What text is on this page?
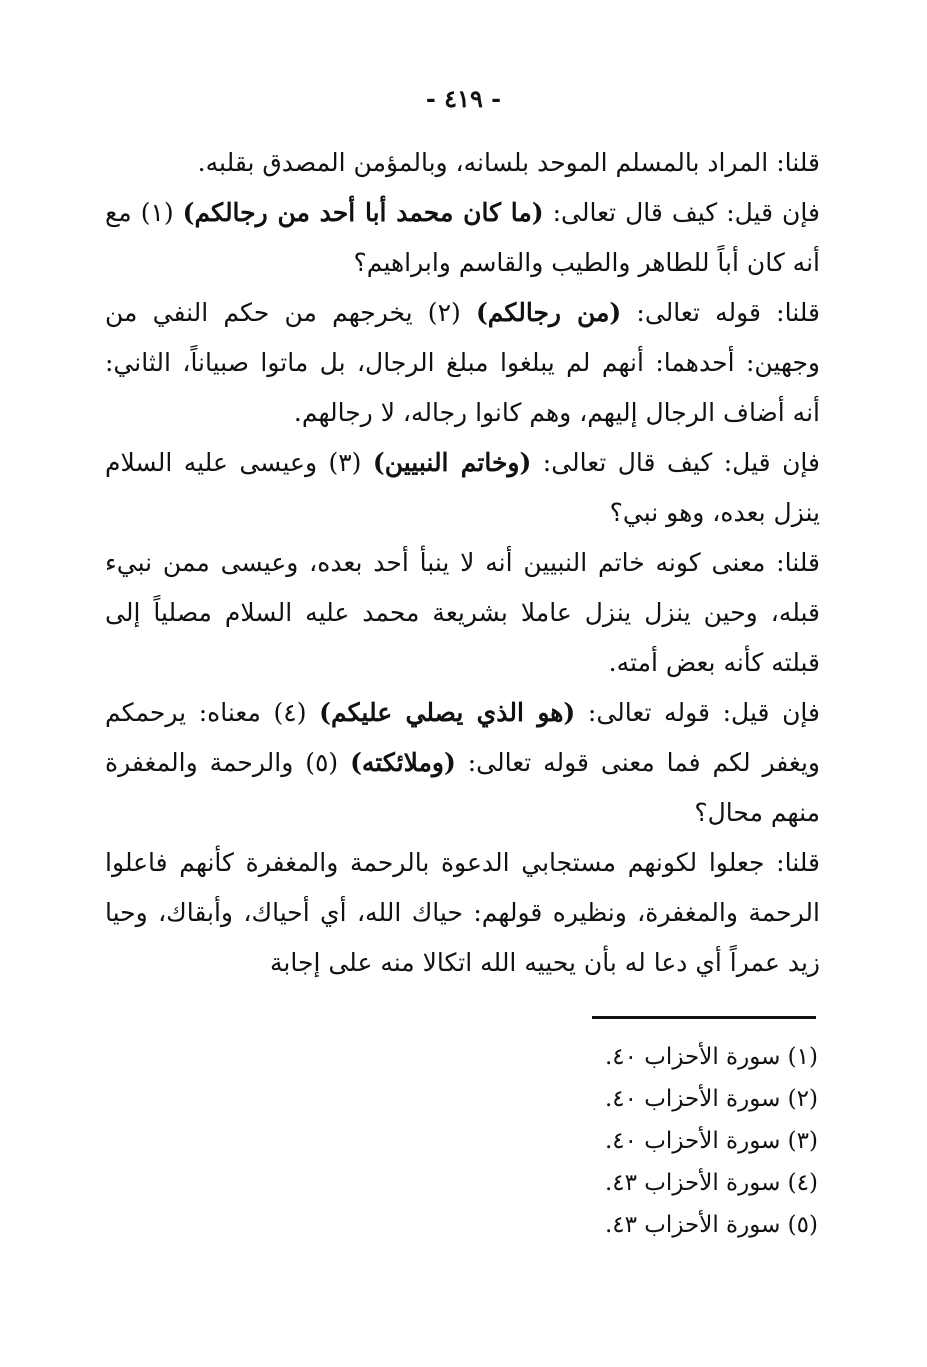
- ٤١٩ -

قلنا: المراد بالمسلم الموحد بلسانه، وبالمؤمن المصدق بقلبه.

فإن قيل: كيف قال تعالى: (ما كان محمد أبا أحد من رجالكم) (١) مع أنه كان أباً للطاهر والطيب والقاسم وابراهيم؟

قلنا: قوله تعالى: (من رجالكم) (٢) يخرجهم من حكم النفي من وجهين: أحدهما: أنهم لم يبلغوا مبلغ الرجال، بل ماتوا صبياناً، الثاني: أنه أضاف الرجال إليهم، وهم كانوا رجاله، لا رجالهم.

فإن قيل: كيف قال تعالى: (وخاتم النبيين) (٣) وعيسى عليه السلام ينزل بعده، وهو نبي؟

قلنا: معنى كونه خاتم النبيين أنه لا ينبأ أحد بعده، وعيسى ممن نبيء قبله، وحين ينزل ينزل عاملا بشريعة محمد عليه السلام مصلياً إلى قبلته كأنه بعض أمته.

فإن قيل: قوله تعالى: (هو الذي يصلي عليكم) (٤) معناه: يرحمكم ويغفر لكم فما معنى قوله تعالى: (وملائكته) (٥) والرحمة والمغفرة منهم محال؟

قلنا: جعلوا لكونهم مستجابي الدعوة بالرحمة والمغفرة كأنهم فاعلوا الرحمة والمغفرة، ونظيره قولهم: حياك الله، أي أحياك، وأبقاك، وحيا زيد عمراً أي دعا له بأن يحييه الله اتكالا منه على إجابة

(١) سورة الأحزاب ٤٠.
(٢) سورة الأحزاب ٤٠.
(٣) سورة الأحزاب ٤٠.
(٤) سورة الأحزاب ٤٣.
(٥) سورة الأحزاب ٤٣.
